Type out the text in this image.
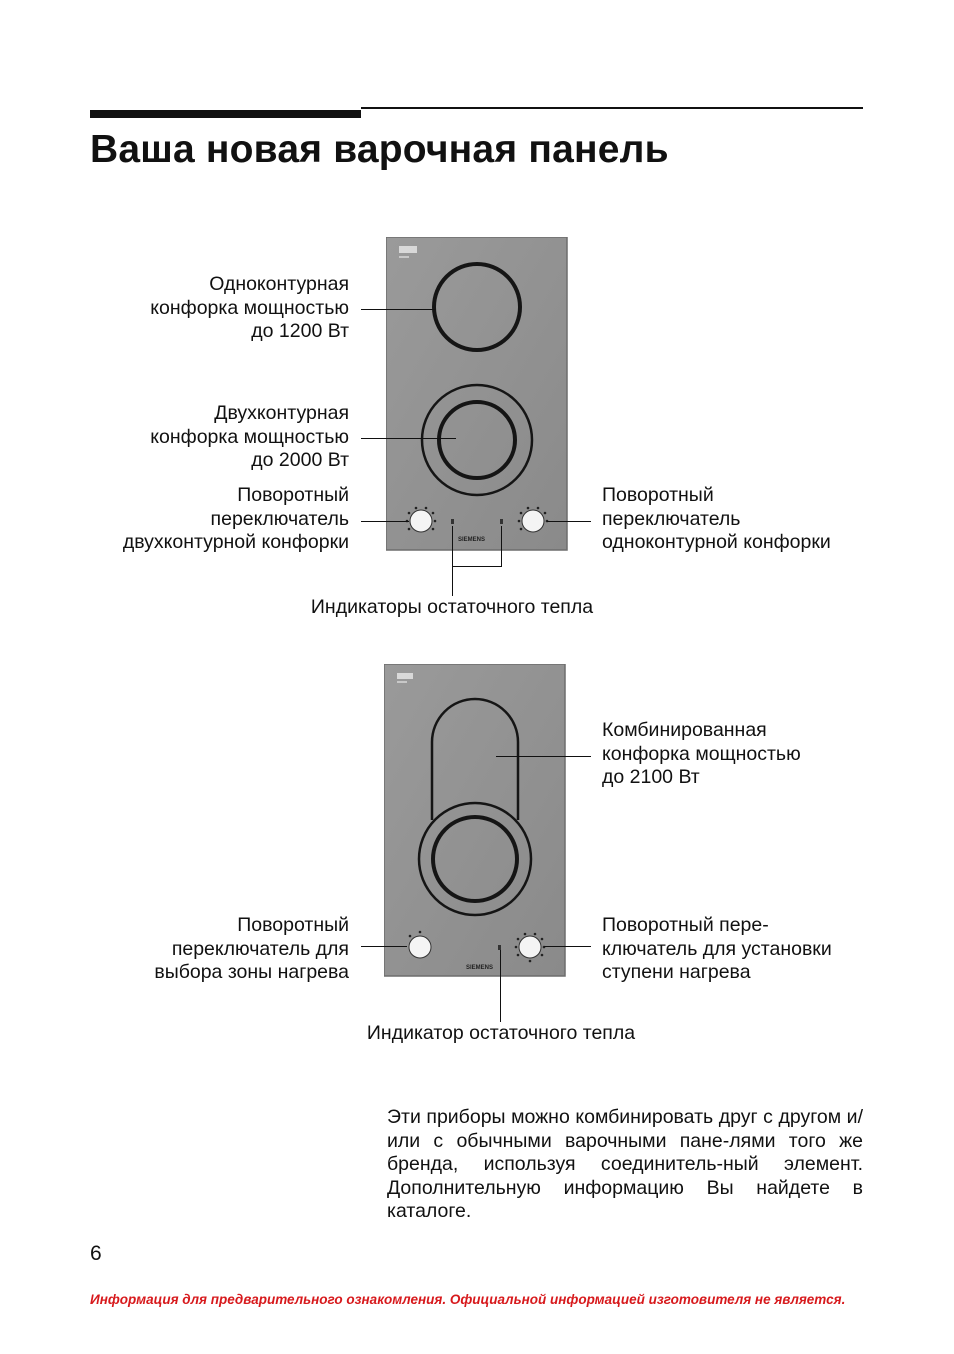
Ваша новая варочная панель
SIEMENS
Одноконтурная
конфорка мощностью
до 1200 Вт
Двухконтурная
конфорка мощностью
до 2000 Вт
Поворотный
переключатель
двухконтурной конфорки
Поворотный
переключатель
одноконтурной конфорки
Индикаторы остаточного тепла
SIEMENS
Комбинированная
конфорка мощностью
до 2100 Вт
Поворотный
переключатель для
выбора зоны нагрева
Поворотный пере-
ключатель для установки
ступени нагрева
Индикатор остаточного тепла
Эти приборы можно комбинировать друг с другом и/или с обычными варочными пане-лями того же бренда, используя соединитель-ный элемент. Дополнительную информацию Вы найдете в каталоге.
6
Информация для предварительного ознакомления. Официальной информацией изготовителя не является.
